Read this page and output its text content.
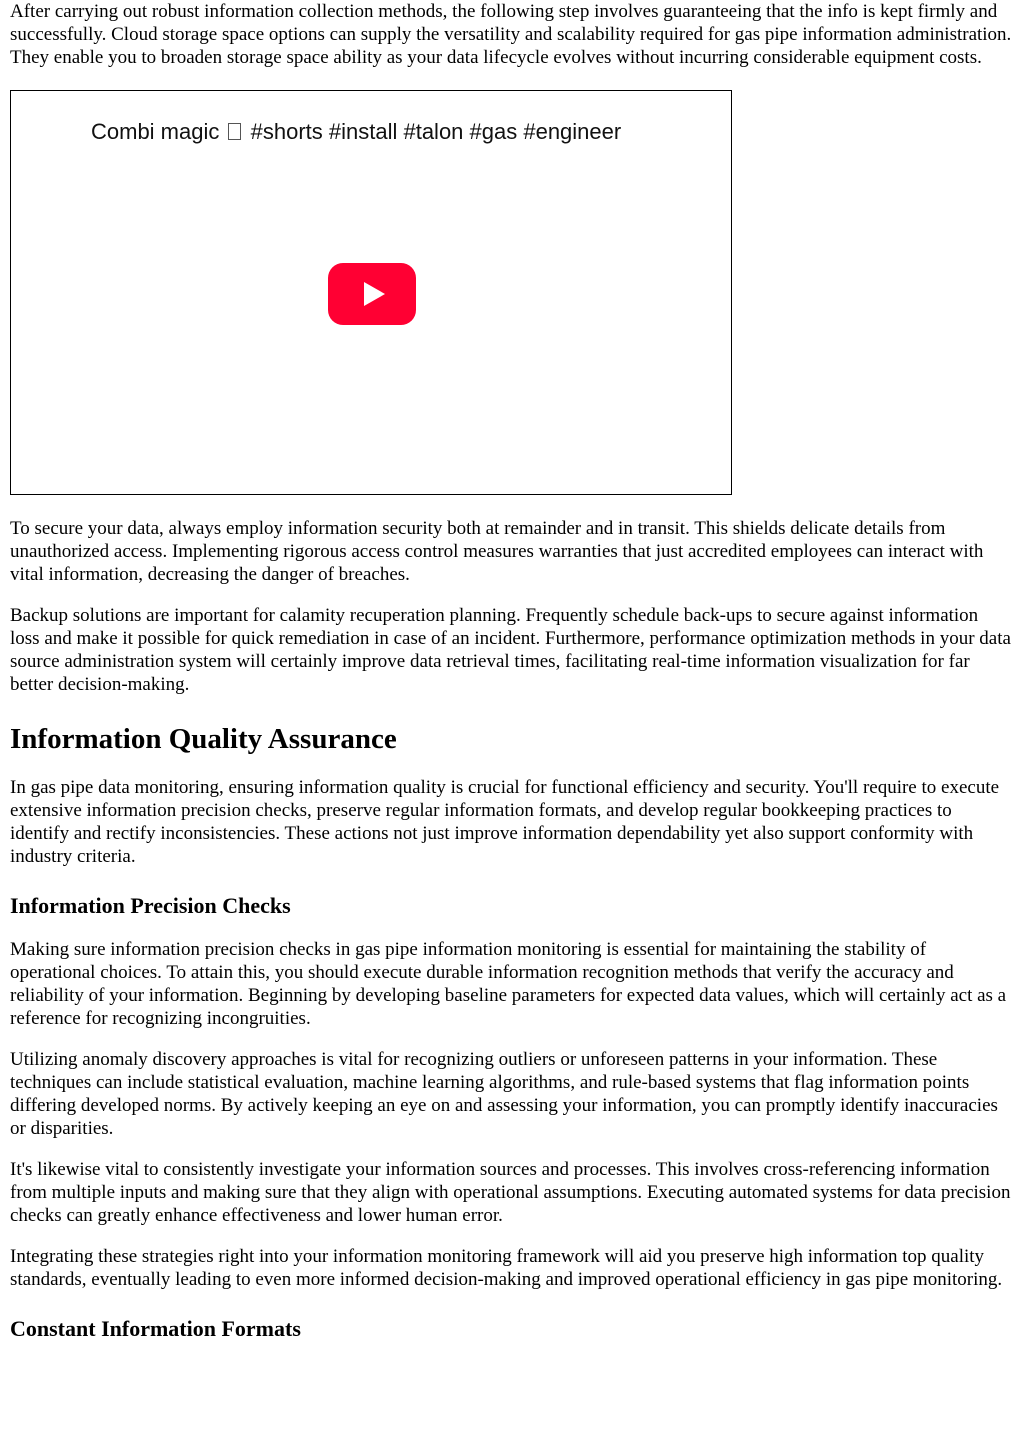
After carrying out robust information collection methods, the following step involves guaranteeing that the info is kept firmly and successfully. Cloud storage space options can supply the versatility and scalability required for gas pipe information administration. They enable you to broaden storage space ability as your data lifecycle evolves without incurring considerable equipment costs.

Combi magic #shorts #install #talon #gas #engineer

To secure your data, always employ information security both at remainder and in transit. This shields delicate details from unauthorized access. Implementing rigorous access control measures warranties that just accredited employees can interact with vital information, decreasing the danger of breaches.

Backup solutions are important for calamity recuperation planning. Frequently schedule back-ups to secure against information loss and make it possible for quick remediation in case of an incident. Furthermore, performance optimization methods in your data source administration system will certainly improve data retrieval times, facilitating real-time information visualization for far better decision-making.

Information Quality Assurance

In gas pipe data monitoring, ensuring information quality is crucial for functional efficiency and security. You'll require to execute extensive information precision checks, preserve regular information formats, and develop regular bookkeeping practices to identify and rectify inconsistencies. These actions not just improve information dependability yet also support conformity with industry criteria.

Information Precision Checks

Making sure information precision checks in gas pipe information monitoring is essential for maintaining the stability of operational choices. To attain this, you should execute durable information recognition methods that verify the accuracy and reliability of your information. Beginning by developing baseline parameters for expected data values, which will certainly act as a reference for recognizing incongruities.

Utilizing anomaly discovery approaches is vital for recognizing outliers or unforeseen patterns in your information. These techniques can include statistical evaluation, machine learning algorithms, and rule-based systems that flag information points differing developed norms. By actively keeping an eye on and assessing your information, you can promptly identify inaccuracies or disparities.

It's likewise vital to consistently investigate your information sources and processes. This involves cross-referencing information from multiple inputs and making sure that they align with operational assumptions. Executing automated systems for data precision checks can greatly enhance effectiveness and lower human error.

Integrating these strategies right into your information monitoring framework will aid you preserve high information top quality standards, eventually leading to even more informed decision-making and improved operational efficiency in gas pipe monitoring.

Constant Information Formats
